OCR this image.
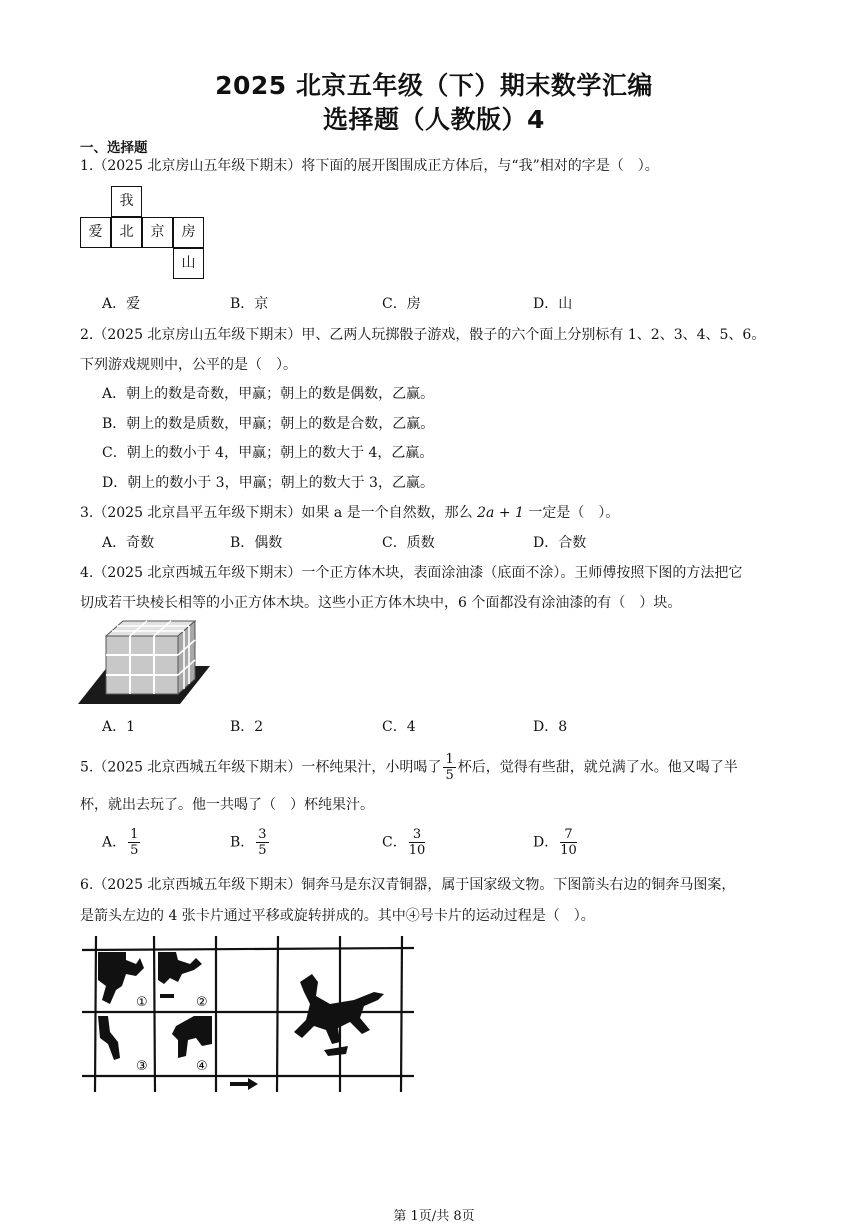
2025 北京五年级（下）期末数学汇编
选择题（人教版）4
一、选择题
1.（2025 北京房山五年级下期末）将下面的展开图围成正方体后，与“我”相对的字是（　）。
我
爱	北	京	房
山
A．爱	B．京	C．房	D．山
2.（2025 北京房山五年级下期末）甲、乙两人玩掷骰子游戏，骰子的六个面上分别标有 1、2、3、4、5、6。
下列游戏规则中，公平的是（　）。
A．朝上的数是奇数，甲赢；朝上的数是偶数，乙赢。
B．朝上的数是质数，甲赢；朝上的数是合数，乙赢。
C．朝上的数小于 4，甲赢；朝上的数大于 4，乙赢。
D．朝上的数小于 3，甲赢；朝上的数大于 3，乙赢。
3.（2025 北京昌平五年级下期末）如果 a 是一个自然数，那么 2a + 1 一定是（　）。
A．奇数	B．偶数	C．质数	D．合数
4.（2025 北京西城五年级下期末）一个正方体木块，表面涂油漆（底面不涂）。王师傅按照下图的方法把它
切成若干块棱长相等的小正方体木块。这些小正方体木块中，6 个面都没有涂油漆的有（　）块。
A．1	B．2	C．4	D．8
5.（2025 北京西城五年级下期末）一杯纯果汁，小明喝了 $\frac{1}{5}$ 杯后，觉得有些甜，就兑满了水。他又喝了半
杯，就出去玩了。他一共喝了（　）杯纯果汁。
A． $\frac{1}{5}$	B． $\frac{3}{5}$	C． $\frac{3}{10}$	D． $\frac{7}{10}$
6.（2025 北京西城五年级下期末）铜奔马是东汉青铜器，属于国家级文物。下图箭头右边的铜奔马图案，
是箭头左边的 4 张卡片通过平移或旋转拼成的。其中④号卡片的运动过程是（　）。
①	②
③	④
第 1页/共 8页
